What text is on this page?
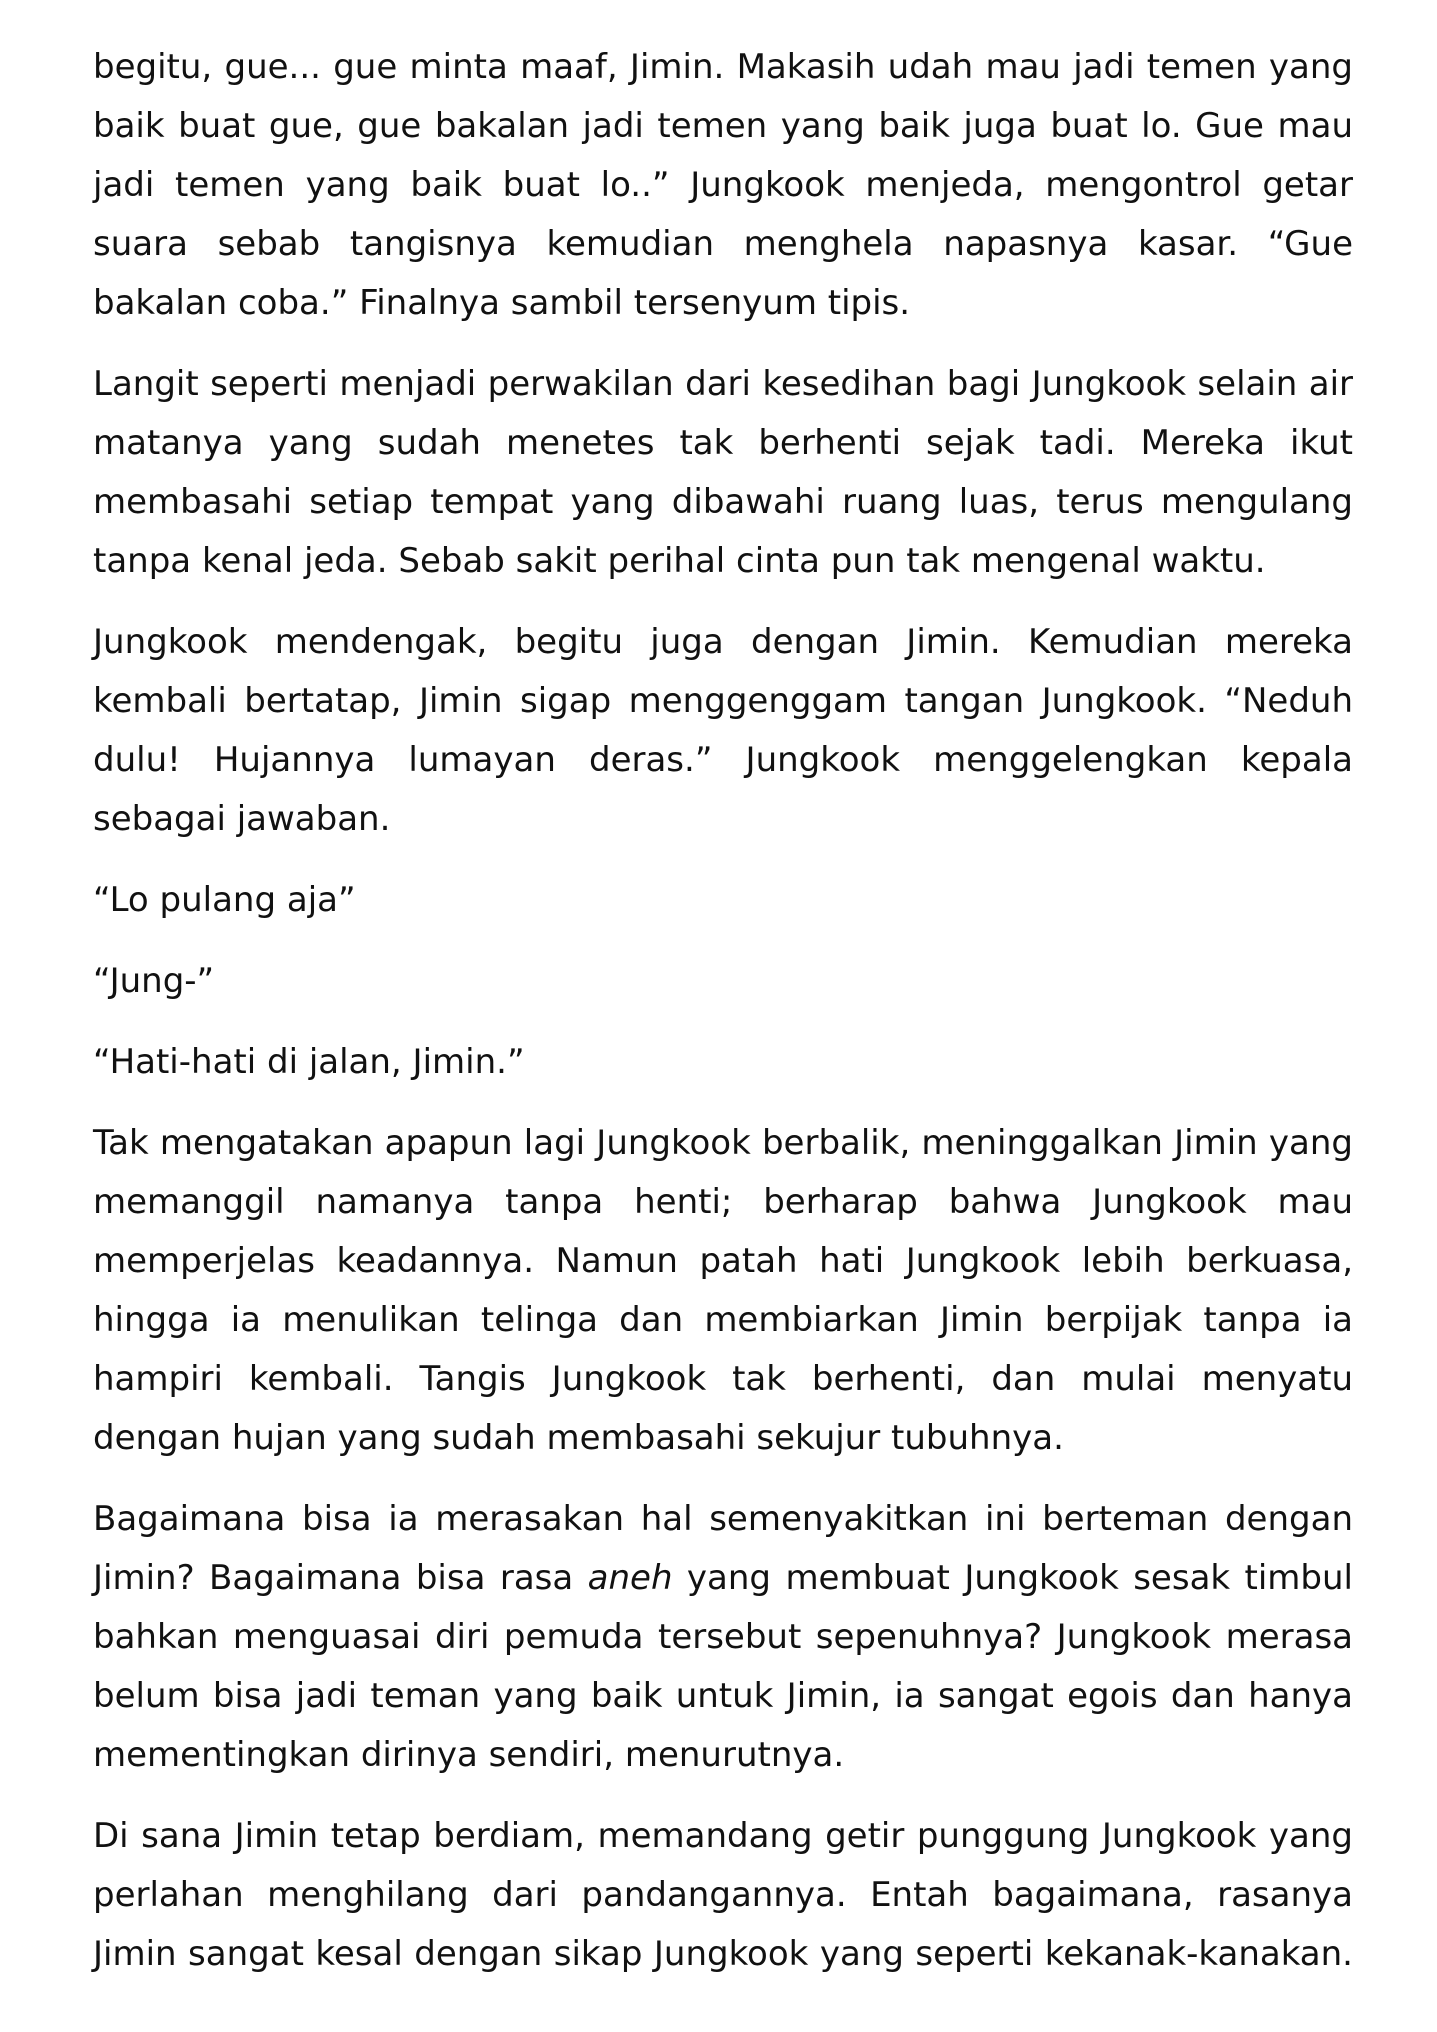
begitu, gue... gue minta maaf, Jimin. Makasih udah mau jadi temen yang baik buat gue, gue bakalan jadi temen yang baik juga buat lo. Gue mau jadi temen yang baik buat lo..” Jungkook menjeda, mengontrol getar suara sebab tangisnya kemudian menghela napasnya kasar. “Gue bakalan coba.” Finalnya sambil tersenyum tipis.

Langit seperti menjadi perwakilan dari kesedihan bagi Jungkook selain air matanya yang sudah menetes tak berhenti sejak tadi. Mereka ikut membasahi setiap tempat yang dibawahi ruang luas, terus mengulang tanpa kenal jeda. Sebab sakit perihal cinta pun tak mengenal waktu.

Jungkook mendengak, begitu juga dengan Jimin. Kemudian mereka kembali bertatap, Jimin sigap menggenggam tangan Jungkook. “Neduh dulu! Hujannya lumayan deras.” Jungkook menggelengkan kepala sebagai jawaban.

“Lo pulang aja”

“Jung-”

“Hati-hati di jalan, Jimin.”

Tak mengatakan apapun lagi Jungkook berbalik, meninggalkan Jimin yang memanggil namanya tanpa henti; berharap bahwa Jungkook mau memperjelas keadannya. Namun patah hati Jungkook lebih berkuasa, hingga ia menulikan telinga dan membiarkan Jimin berpijak tanpa ia hampiri kembali. Tangis Jungkook tak berhenti, dan mulai menyatu dengan hujan yang sudah membasahi sekujur tubuhnya.

Bagaimana bisa ia merasakan hal semenyakitkan ini berteman dengan Jimin? Bagaimana bisa rasa aneh yang membuat Jungkook sesak timbul bahkan menguasai diri pemuda tersebut sepenuhnya? Jungkook merasa belum bisa jadi teman yang baik untuk Jimin, ia sangat egois dan hanya mementingkan dirinya sendiri, menurutnya.

Di sana Jimin tetap berdiam, memandang getir punggung Jungkook yang perlahan menghilang dari pandangannya. Entah bagaimana, rasanya Jimin sangat kesal dengan sikap Jungkook yang seperti kekanak-kanakan.
